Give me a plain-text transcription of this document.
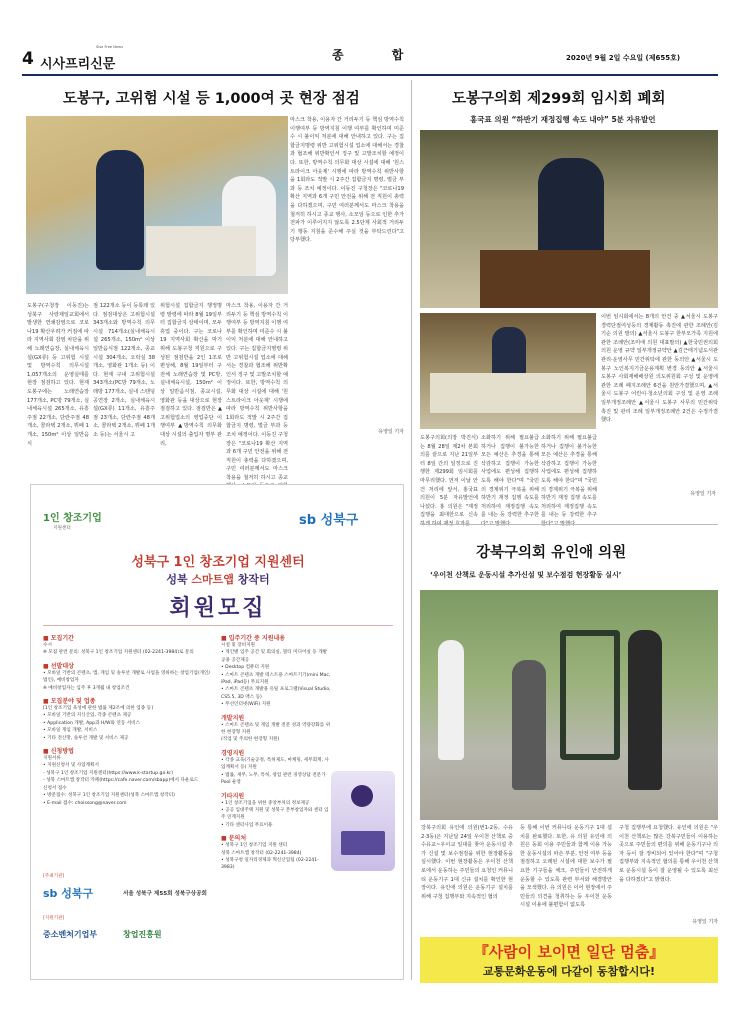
4
Sisa Free News
시사프리신문
종 합	2020년 9월 2일 수요일 (제655호)
도봉구, 고위험 시설 등 1,000여 곳 현장 점검
도봉구(구청장 이동진)는 성북구 사랑제일교회에서 발생한 연쇄감염으로 코로나19 확산우려가 커짐에 따라 지역사회 감염 차단을 위해 노래연습장, 실내체육시설(GX류) 등 고위험 시설 및 방역수칙 의무시설 1,057개소의 운영실태를 현장 점검하고 있다. 현재 도봉구에는 노래연습장 177개소, PC방 79개소, 실내체육시설 265개소, 유흥주점 22개소, 단란주점 48개소, 콜라텍 2개소, 뷔페 1개소, 150m² 이상 일반음식
점 122개소 등이 등록돼 있다. 점검대상은 고위험시설 343개소와 방역수칙 의무시설 714개소(실내체육시설 265개소, 150m² 이상 일반음식점 122개소, 종교시설 304개소, 오락실 38개소, 영화관 1개소 등) 이다. 현재 구내 고위험시설 343개소(PC방 79개소, 노래방 177개소, 실내 스탠딩 공연장 2개소, 실내체육시설(GX류) 11개소, 유흥주점 23개소, 단란주점 48개소, 콜라텍 2개소, 뷔페 1개소 등)는 서울시 고
위험시설 집합금지 행정명령 발령에 따라 8월 19일부터 집합금지 상태이며, 모두 휴업 중이다. 구는 코로나19 지역사회 확산을 막기 위해 도봉구청 직원으로 구성된 점검반을 2인 1조로 편성해, 8월 19일부터 구 전체 노래연습장 및 PC방, 실내체육시설, 150m² 이상 일반음식점, 종교시설, 영화관 등을 대상으로 현장 점검하고 있다. 점검반은 ▲고위험업소의 영업중단 이행여부 ▲방역수칙 의무화 대상 시설의 출입자 명부 관리,
마스크 착용, 이용자 간 거리두기 등 핵심 방역수칙 이행여부 등 방역지침 이행 여부를 확인하며 미준수 시 불이익 처분에 대해 안내하고 있다. 구는 집합금지명령 위반 고위험시설 업소에 대해서는 경찰과 협조해 위반확인서 징구 및 고발조치할 예정이다. 또한, 방역수칙 의무화 대상 시설에 대해 '원스트라이크 아웃제' 시행에 따라 방역수칙 위반사항을 1회라도 적발 시 2주간 집합금지 명령, 벌금 부과 등 조치 예정이다. 이동진 구청장은 "코로나19 확산 지역과 6개 구민 안전을 위해 전 직원이 총력을 다하겠으며, 구민 여러분께서도 마스크 착용을 철저히 하시고 종교
마스크 착용, 이용자 간 거리두기 등 핵심 방역수칙 이행여부 등 방역지침 이행 여부를 확인하며 미준수 시 불이익 처분에 대해 안내하고 있다. 구는 집합금지명령 위반 고위험시설 업소에 대해서는 경찰과 협조해 위반확인서 징구 및 고발조치할 예정이다. 또한, 방역수칙 의무화 대상 시설에 대해 '원스트라이크 아웃제' 시행에 따라 방역수칙 위반사항을 1회라도 적발 시 2주간 집합금지 명령, 벌금 부과 등 조치 예정이다. 이동진 구청장은 "코로나19 확산 지역과 6개 구민 안전을 위해 전 직원이 총력을 다하겠으며, 구민 여러분께서도 마스크 착용을 철저히 하시고 종교 행사, 소모임 등으로 인한 추가 전파가 이루어지지 않도록 2.5단계 사회적 거리두기 행동 지침을 준수해 주실 것을 부탁드린다"고 당부했다.
유영일 기자
도봉구의회 제299회 임시회 폐회
홍국표 의원 “하반기 재정집행 속도 내야” 5분 자유발언
이번 임시회에서는 8개의 안건 중 ▲서울시 도봉구 경력단절여성등의 경제활동 촉진에 관한 조례안(김기순 의원 발의) ▲서울시 도봉구 한부모가족 지원에 관한 조례안(조미애 의원 대표발의) ▲한국민권의회의원 운영 규약 일부개정규약안 ▲김근태기념도서관 관리·운영사무 민간위탁에 관한 동의안 ▲서울시 도봉구 노인복지기금운용계획 변경 동의안 ▲서울시 도봉구 사회재해배상원 의도위원회 구성 및 운영에 관한 조례 폐지조례안 6건을 원안가결했으며, ▲서울시 도봉구 어린이·청소년의회 구성 및 운영 조례 일부개정조례안 ▲서울시 도봉구 사무의 민간위탁 촉진 및 관리 조례 일부개정조례안 2건은 수정가결했다.
도봉구의회(의장 박진식)는 8월 28일 제2차 본회의를 끝으로 지난 21일부터 8일 간의 일정으로 진행한 제299회 임시회를 마무리했다. 먼저 이날 안건 처리에 앞서, 홍국표 의원이 5분 자유발언에 나섰다. 홍 의원은 "재정집행을 최대한으로 신속
소화하기 위해 필요불급하거나 집행이 불가능한 모든 예산은 추경을 통해 삭감하고 집행이 가능한 사업에도 편성해 집행하도록 해야 한다"며 "국민의 경제위기 극복을 위해 하반기 재정 집행 속도를 처리하여 재정집행 속도를 내는 등 강력한 추구한
소화하기 위해 필요불급하거나 집행이 불가능한 모든 예산은 추경을 통해 삭감하고 집행이 가능한 사업에도 편성해 집행하도록 해야 한다"며 "국민의 경제위기 극복을 위해 하반기 재정 집행 속도를 처리하여 재정집행 속도를 내는 등 강력한 추구
유영일 기자
강북구의회 유인애 의원
‘우이천 산책로 운동시설 추가신설 및 보수점검 현장활동 실시’
강북구의회 유인애 의원(번1-2동, 수유2·3동)은 지난달 24일 우이천 산책로 중 수유교~우이교 일대를 찾아 운동시설 추가 신설 및 보수점검을 위한 현장활동을 실시했다. 이번 현장활동은 우이천 산책로에서 운동하는 주민들의 요청인 커뮤니티 운동기구 1대 신규 설치를 확인한 현장이다. 유인애 의원은 운동기구 설치를 위해 구청 집행부와 지속적인 협의
등 통해 이번 커뮤니티 운동기구 1대 설치를 완료했다. 또한, 유 의원 유인애 의원은 동회 이용 주민들과 함께 이용 가능한 운동시설의 파손 부분, 안전 여부 등을 점검하고 오래된 시설에 대한 보수가 필요한 기구들을 체크, 주민들이 안전하게 운동할 수 있도록 관련 부서와 해결방안을 모색했다. 유 의원은 이어 현장에서 주민들의 의견을 청취하는 등 우이천 운동시설 이용에 불편함이 없도록
구청 집행부에 요청했다. 유인애 의원은 "우이천 산책로는 많은 강북구민들이 이용하는 곳으로 주민들의 편의를 위해 운동기구나 의자 등이 잘 정비되어 있어야 한다"며 "구청 집행부와 지속적인 협의를 통해 우이천 산책로 운동시설 등이 잘 운영될 수 있도록 최선을 다하겠다"고 밝혔다.
유영일 기자
『사람이 보이면 일단 멈춤』
교통문화운동에 다같이 동참합시다!
1인 창조기업
지원센터
sb 성북구
성북구 1인 창조기업 지원센터
성북 스마트앱 창작터
회원모집
■ 모집기간
수시
※ 모집 관련 문의: 성북구 1인 창조기업 지원센터 (02-2241-3984)로 문의
■ 선발대상
• 모바일 기반의 콘텐츠, 앱, 게임 및 솔루션 개발로 사업을 영위하는 창업기업(개인/법인), 예비창업자
※ 예비창업자는 입주 후 3개월 내 창업조건
■ 모집분야 및 업종
[1인 창조기업 육성에 관한 법률 제2조에 의한 업종 등]
• 모바일 기반의 지식산업, 각종 콘텐츠 제공
• Application 개발, App과 H/W와 연동 서비스
• 모바일 게임 개발, 서비스
• 기타 전산망, 솔루션 개발 및 서비스 제공
■ 신청방법
지원서류
• 지원신청서 및 사업계획서
- 성북구 1인 창조기업 지원센터(https://www.k-startup.go.kr)
- 성북 스마트앱 창작터 카페(https://cafe.naver.com/sbapp)에서 다운로드
신청서 접수
• 방문접수: 성북구 1인 창조기업 지원센터(성북 스마트앱 창작터)
• E-mail 접수: choissong@naver.com
■ 입주기간 중 지원내용
시설 및 장비지원
• 개인별 입주 공간 및 회의실, 멀티 미디어실 등 개발 공용 공간제공
• Desktop 컴퓨터 지원
• 스마트 콘텐츠 개발 테스트용 스마트기기(mini Mac, iPad, iPad등) 무료지원
• 스마트 콘텐츠 개발용 유틸 프로그램(Visual Studio, CS5.5, 3D 맥스 등)
• 무선인터넷(WiFi) 지원
개발지원
• 스마트 콘텐츠 및 게임 개발 전문 성과 역량강화를 위한 현장형 지원
(직업 및 주의한 현장형 지원)
경영지원
• 각종 교육(기술공정, 특허제도, 마케팅, 세무회계, 사업계획서 등) 지원
• 법률, 세무, 노무, 특허, 창업 관련 경영상담 전문가 Pool 운영
기타지원
• 1인 창조기업을 위한 중앙부처의 정보제공
• 공공 입대주택 지원 및 성북구 본부창업자와 센터 입주 연계지원
• 기타 센터사업 무료이용
■ 문의처
• 성북구 1인 창조기업 지원 센터
성북 스마트앱 창작터 (02-2241-3984)
• 성북구청 일자리경제과 혁신산업팀 (02-2241-3983)
[주최기관]
sb 성북구	서울 성북구 제55회 성북구상공회
[지원기관]
중소벤처기업부	창업진흥원
